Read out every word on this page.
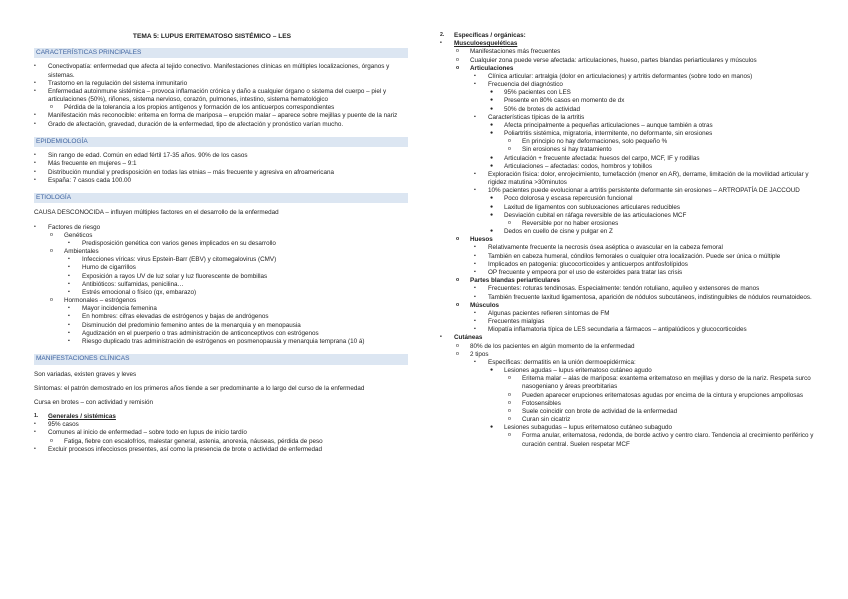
TEMA 5: LUPUS ERITEMATOSO SISTÉMICO – LES
CARACTERÍSTICAS PRINCIPALES
• Conectivopatía: enfermedad que afecta al tejido conectivo. Manifestaciones clínicas en múltiples localizaciones, órganos y sistemas.
• Trastorno en la regulación del sistema inmunitario
• Enfermedad autoinmune sistémica – provoca inflamación crónica y daño a cualquier órgano o sistema del cuerpo – piel y articulaciones (50%), riñones, sistema nervioso, corazón, pulmones, intestino, sistema hematológico
o Pérdida de la tolerancia a los propios antígenos y formación de los anticuerpos correspondientes
• Manifestación más reconocible: eritema en forma de mariposa – erupción malar – aparece sobre mejillas y puente de la nariz
• Grado de afectación, gravedad, duración de la enfermedad, tipo de afectación y pronóstico varían mucho.
EPIDEMIOLOGÍA
• Sin rango de edad. Común en edad fértil 17-35 años. 90% de los casos
• Más frecuente en mujeres – 9:1
• Distribución mundial y predisposición en todas las etnias – más frecuente y agresiva en afroamericana
• España: 7 casos cada 100.00
ETIOLOGÍA
CAUSA DESCONOCIDA – influyen múltiples factores en el desarrollo de la enfermedad
• Factores de riesgo
o Genéticos
▪ Predisposición genética con varios genes implicados en su desarrollo
o Ambientales
▪ Infecciones víricas: virus Epstein-Barr (EBV) y citomegalovirus (CMV)
▪ Humo de cigarrillos
▪ Exposición a rayos UV de luz solar y luz fluorescente de bombillas
▪ Antibióticos: sulfamidas, penicilina…
▪ Estrés emocional o físico (qx, embarazo)
o Hormonales – estrógenos
▪ Mayor incidencia femenina
▪ En hombres: cifras elevadas de estrógenos y bajas de andrógenos
▪ Disminución del predominio femenino antes de la menarquia y en menopausia
▪ Agudización en el puerperio o tras administración de anticonceptivos con estrógenos
▪ Riesgo duplicado tras administración de estrógenos en posmenopausia y menarquia temprana (10 á)
MANIFESTACIONES CLÍNICAS
Son variadas, existen graves y leves
Síntomas: el patrón demostrado en los primeros años tiende a ser predominante a lo largo del curso de la enfermedad
Cursa en brotes – con actividad y remisión
1. Generales / sistémicas
• 95% casos
• Comunes al inicio de enfermedad – sobre todo en lupus de inicio tardío
o Fatiga, fiebre con escalofríos, malestar general, astenia, anorexia, náuseas, pérdida de peso
• Excluir procesos infecciosos presentes, así como la presencia de brote o actividad de enfermedad
2. Específicas / orgánicas:
• Musculoesqueléticas
o Manifestaciones más frecuentes
o Cualquier zona puede verse afectada: articulaciones, hueso, partes blandas periarticulares y músculos
o Articulaciones
▪ Clínica articular: artralgia (dolor en articulaciones) y artritis deformantes (sobre todo en manos)
▪ Frecuencia del diagnóstico
● 95% pacientes con LES
● Presente en 80% casos en momento de dx
● 50% de brotes de actividad
▪ Características típicas de la artritis
● Afecta principalmente a pequeñas articulaciones – aunque también a otras
● Poliartritis sistémica, migratoria, intermitente, no deformante, sin erosiones
o En principio no hay deformaciones, solo pequeño %
o Sin erosiones si hay tratamiento
● Articulación + frecuente afectada: huesos del carpo, MCF, IF y rodillas
● Articulaciones – afectadas: codos, hombros y tobillos
▪ Exploración física: dolor, enrojecimiento, tumefacción (menor en AR), derrame, limitación de la movilidad articular y rigidez matutina >30minutos
▪ 10% pacientes puede evolucionar a artritis persistente deformante sin erosiones – ARTROPATÍA DE JACCOUD
● Poco dolorosa y escasa repercusión funcional
● Laxitud de ligamentos con subluxaciones articulares reducibles
● Desviación cubital en ráfaga reversible de las articulaciones MCF
o Reversible por no haber erosiones
● Dedos en cuello de cisne y pulgar en Z
o Huesos
▪ Relativamente frecuente la necrosis ósea aséptica o avascular en la cabeza femoral
▪ También en cabeza humeral, cóndilos femorales o cualquier otra localización. Puede ser única o múltiple
▪ Implicados en patogenia: glucocorticoides y anticuerpos antifosfolípidos
▪ OP frecuente y empeora por el uso de esteroides para tratar las crisis
o Partes blandas periarticulares
▪ Frecuentes: roturas tendinosas. Especialmente: tendón rotuliano, aquíleo y extensores de manos
▪ También frecuente laxitud ligamentosa, aparición de nódulos subcutáneos, indistinguibles de nódulos reumatoideos.
o Músculos
▪ Algunas pacientes refieren síntomas de FM
▪ Frecuentes mialgias
▪ Miopatía inflamatoria típica de LES secundaria a fármacos – antipalúdicos y glucocorticoides
• Cutáneas
o 80% de los pacientes en algún momento de la enfermedad
o 2 tipos
▪ Específicas: dermatitis en la unión dermoepidérmica:
● Lesiones agudas – lupus eritematoso cutáneo agudo
o Eritema malar – alas de mariposa: exantema eritematoso en mejillas y dorso de la nariz. Respeta surco nasogeniano y áreas preorbitarias
o Pueden aparecer erupciones eritematosas agudas por encima de la cintura y erupciones ampollosas
o Fotosensibles
o Suele coincidir con brote de actividad de la enfermedad
o Curan sin cicatriz
● Lesiones subagudas – lupus eritematoso cutáneo subagudo
o Forma anular, eritematosa, redonda, de borde activo y centro claro. Tendencia al crecimiento periférico y curación central. Suelen respetar MCF
